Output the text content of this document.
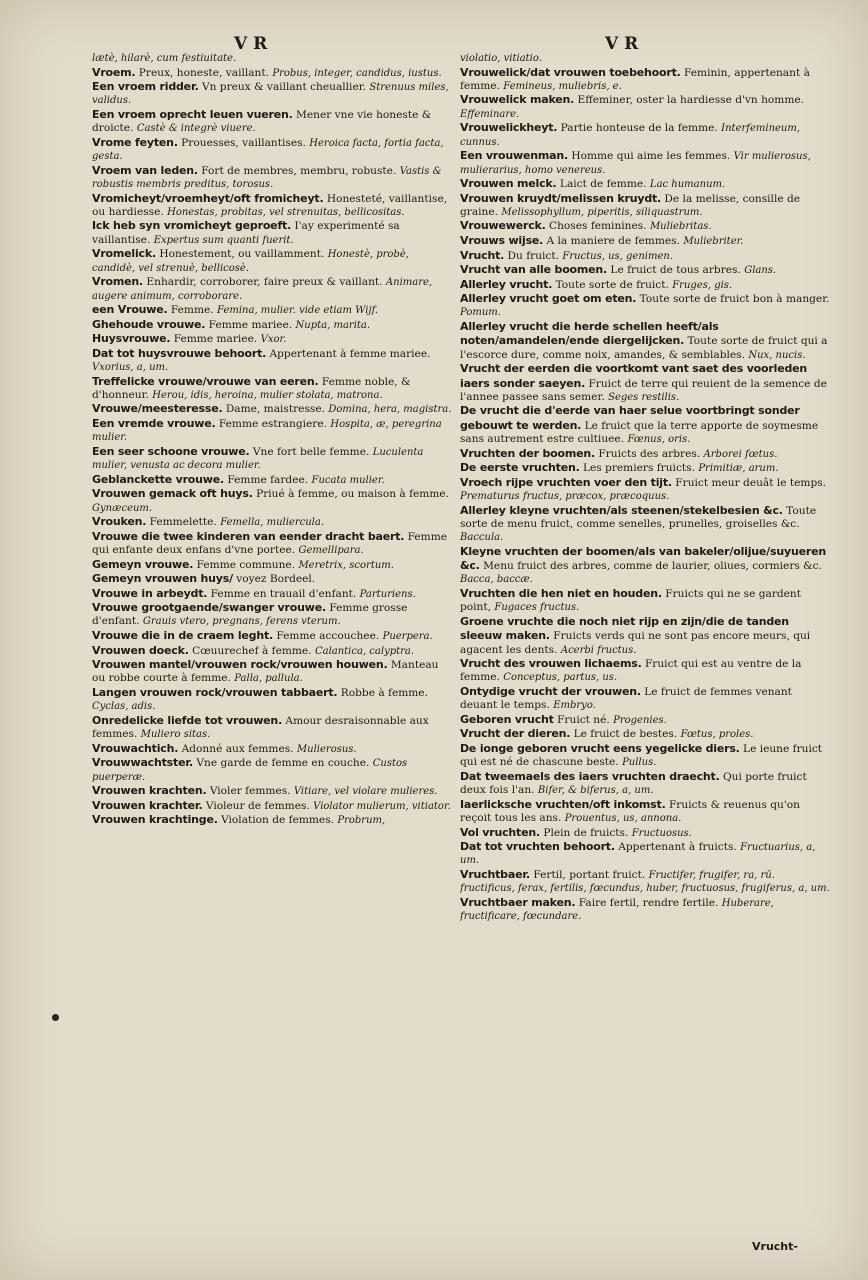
V R	V R
lætè, hilarè, cum festiuitate.
Vroem. Preux, honeste, vaillant. Probus, integer, candidus, iustus.
Een vroem ridder. Vn preux & vaillant cheuallier. Strenuus miles, validus.
Een vroem oprecht leuen vueren. Mener vne vie honeste & droicte. Castè & integrè viuere.
Vrome feyten. Prouesses, vaillantises. Heroica facta, fortia facta, gesta.
Vroem van leden. Fort de membres, membru, robuste. Vastis & robustis membris preditus, torosus.
Vromicheyt/vroemheyt/oft fromicheyt. Honesteté, vaillantise, ou hardiesse. Honestas, probitas, vel strenuitas, bellicositas.
Ick heb syn vromicheyt geproeft. I'ay experimenté sa vaillantise. Expertus sum quanti fuerit.
Vromelick. Honestement, ou vaillamment. Honestè, probè, candidè, vel strenuè, bellicosè.
Vromen. Enhardir, corroborer, faire preux & vaillant. Animare, augere animum, corroborare.
een Vrouwe. Femme. Femina, mulier. vide etiam Wijf.
Ghehoude vrouwe. Femme mariee. Nupta, marita.
Huysvrouwe. Femme mariee. Vxor.
Dat tot huysvrouwe behoort. Appertenant à femme mariee. Vxorius, a, um.
Treffelicke vrouwe/vrouwe van eeren. Femme noble, & d'honneur. Herou, idis, heroina, mulier stolata, matrona.
Vrouwe/meesteresse. Dame, maistresse. Domina, hera, magistra.
Een vremde vrouwe. Femme estrangiere. Hospita, æ, peregrina mulier.
Een seer schoone vrouwe. Vne fort belle femme. Luculenta mulier, venusta ac decora mulier.
Geblanckette vrouwe. Femme fardee. Fucata mulier.
Vrouwen gemack oft huys. Priué à femme, ou maison à femme. Gynæceum.
Vrouken. Femmelette. Femella, muliercula.
Vrouwe die twee kinderen van eender dracht baert. Femme qui enfante deux enfans d'vne portee. Gemellipara.
Gemeyn vrouwe. Femme commune. Meretrix, scortum.
Gemeyn vrouwen huys/ voyez Bordeel.
Vrouwe in arbeydt. Femme en trauail d'enfant. Parturiens.
Vrouwe grootgaende/swanger vrouwe. Femme grosse d'enfant. Grauis vtero, pregnans, ferens vterum.
Vrouwe die in de craem leght. Femme accouchee. Puerpera.
Vrouwen doeck. Cœuurechef à femme. Calantica, calyptra.
Vrouwen mantel/vrouwen rock/vrouwen houwen. Manteau ou robbe courte à femme. Palla, pallula.
Langen vrouwen rock/vrouwen tabbaert. Robbe à femme. Cyclas, adis.
Onredelicke liefde tot vrouwen. Amour desraisonnable aux femmes. Muliero sitas.
Vrouwachtich. Adonné aux femmes. Mulierosus.
Vrouwwachtster. Vne garde de femme en couche. Custos puerperæ.
Vrouwen krachten. Violer femmes. Vitiare, vel violare mulieres.
Vrouwen krachter. Violeur de femmes. Violator mulierum, vitiator.
Vrouwen krachtinge. Violation de femmes. Probrum,
violatio, vitiatio.
Vrouwelick/dat vrouwen toebehoort. Feminin, appertenant à femme. Femineus, muliebris, e.
Vrouwelick maken. Effeminer, oster la hardiesse d'vn homme. Effeminare.
Vrouwelickheyt. Partie honteuse de la femme. Interfemineum, cunnus.
Een vrouwenman. Homme qui aime les femmes. Vir mulierosus, mulierarius, homo venereus.
Vrouwen melck. Laict de femme. Lac humanum.
Vrouwen kruydt/melissen kruydt. De la melisse, consille de graine. Melissophyllum, piperitis, siliquastrum.
Vrouwewerck. Choses feminines. Muliebritas.
Vrouws wijse. A la maniere de femmes. Muliebriter.
Vrucht. Du fruict. Fructus, us, genimen.
Vrucht van alle boomen. Le fruict de tous arbres. Glans.
Allerley vrucht. Toute sorte de fruict. Fruges, gis.
Allerley vrucht goet om eten. Toute sorte de fruict bon à manger. Pomum.
Allerley vrucht die herde schellen heeft/als noten/amandelen/ende diergelijcken. Toute sorte de fruict qui a l'escorce dure, comme noix, amandes, & semblables. Nux, nucis.
Vrucht der eerden die voortkomt vant saet des voorleden iaers sonder saeyen. Fruict de terre qui reuient de la semence de l'annee passee sans semer. Seges restilis.
De vrucht die d'eerde van haer selue voortbringt sonder gebouwt te werden. Le fruict que la terre apporte de soymesme sans autrement estre cultiuee. Fœnus, oris.
Vruchten der boomen. Fruicts des arbres. Arborei fœtus.
De eerste vruchten. Les premiers fruicts. Primitiæ, arum.
Vroech rijpe vruchten voer den tijt. Fruict meur deuât le temps. Prematurus fructus, præcox, præcoquus.
Allerley kleyne vruchten/als steenen/stekelbesien &c. Toute sorte de menu fruict, comme senelles, prunelles, groiselles &c. Baccula.
Kleyne vruchten der boomen/als van bakeler/olijue/suyueren &c. Menu fruict des arbres, comme de laurier, oliues, cormiers &c. Bacca, baccæ.
Vruchten die hen niet en houden. Fruicts qui ne se gardent point, Fugaces fructus.
Groene vruchte die noch niet rijp en zijn/die de tanden sleeuw maken. Fruicts verds qui ne sont pas encore meurs, qui agacent les dents. Acerbi fructus.
Vrucht des vrouwen lichaems. Fruict qui est au ventre de la femme. Conceptus, partus, us.
Ontydige vrucht der vrouwen. Le fruict de femmes venant deuant le temps. Embryo.
Geboren vrucht Fruict né. Progenies.
Vrucht der dieren. Le fruict de bestes. Fœtus, proles.
De ionge geboren vrucht eens yegelicke diers. Le ieune fruict qui est né de chascune beste. Pullus.
Dat tweemaels des iaers vruchten draecht. Qui porte fruict deux fois l'an. Bifer, & biferus, a, um.
Iaerlicksche vruchten/oft inkomst. Fruicts & reuenus qu'on reçoit tous les ans. Prouentus, us, annona.
Vol vruchten. Plein de fruicts. Fructuosus.
Dat tot vruchten behoort. Appertenant à fruicts. Fructuarius, a, um.
Vruchtbaer. Fertil, portant fruict. Fructifer, frugifer, ra, rū. fructificus, ferax, fertilis, fœcundus, huber, fructuosus, frugiferus, a, um.
Vruchtbaer maken. Faire fertil, rendre fertile. Huberare, fructificare, fœcundare.
Vrucht-
